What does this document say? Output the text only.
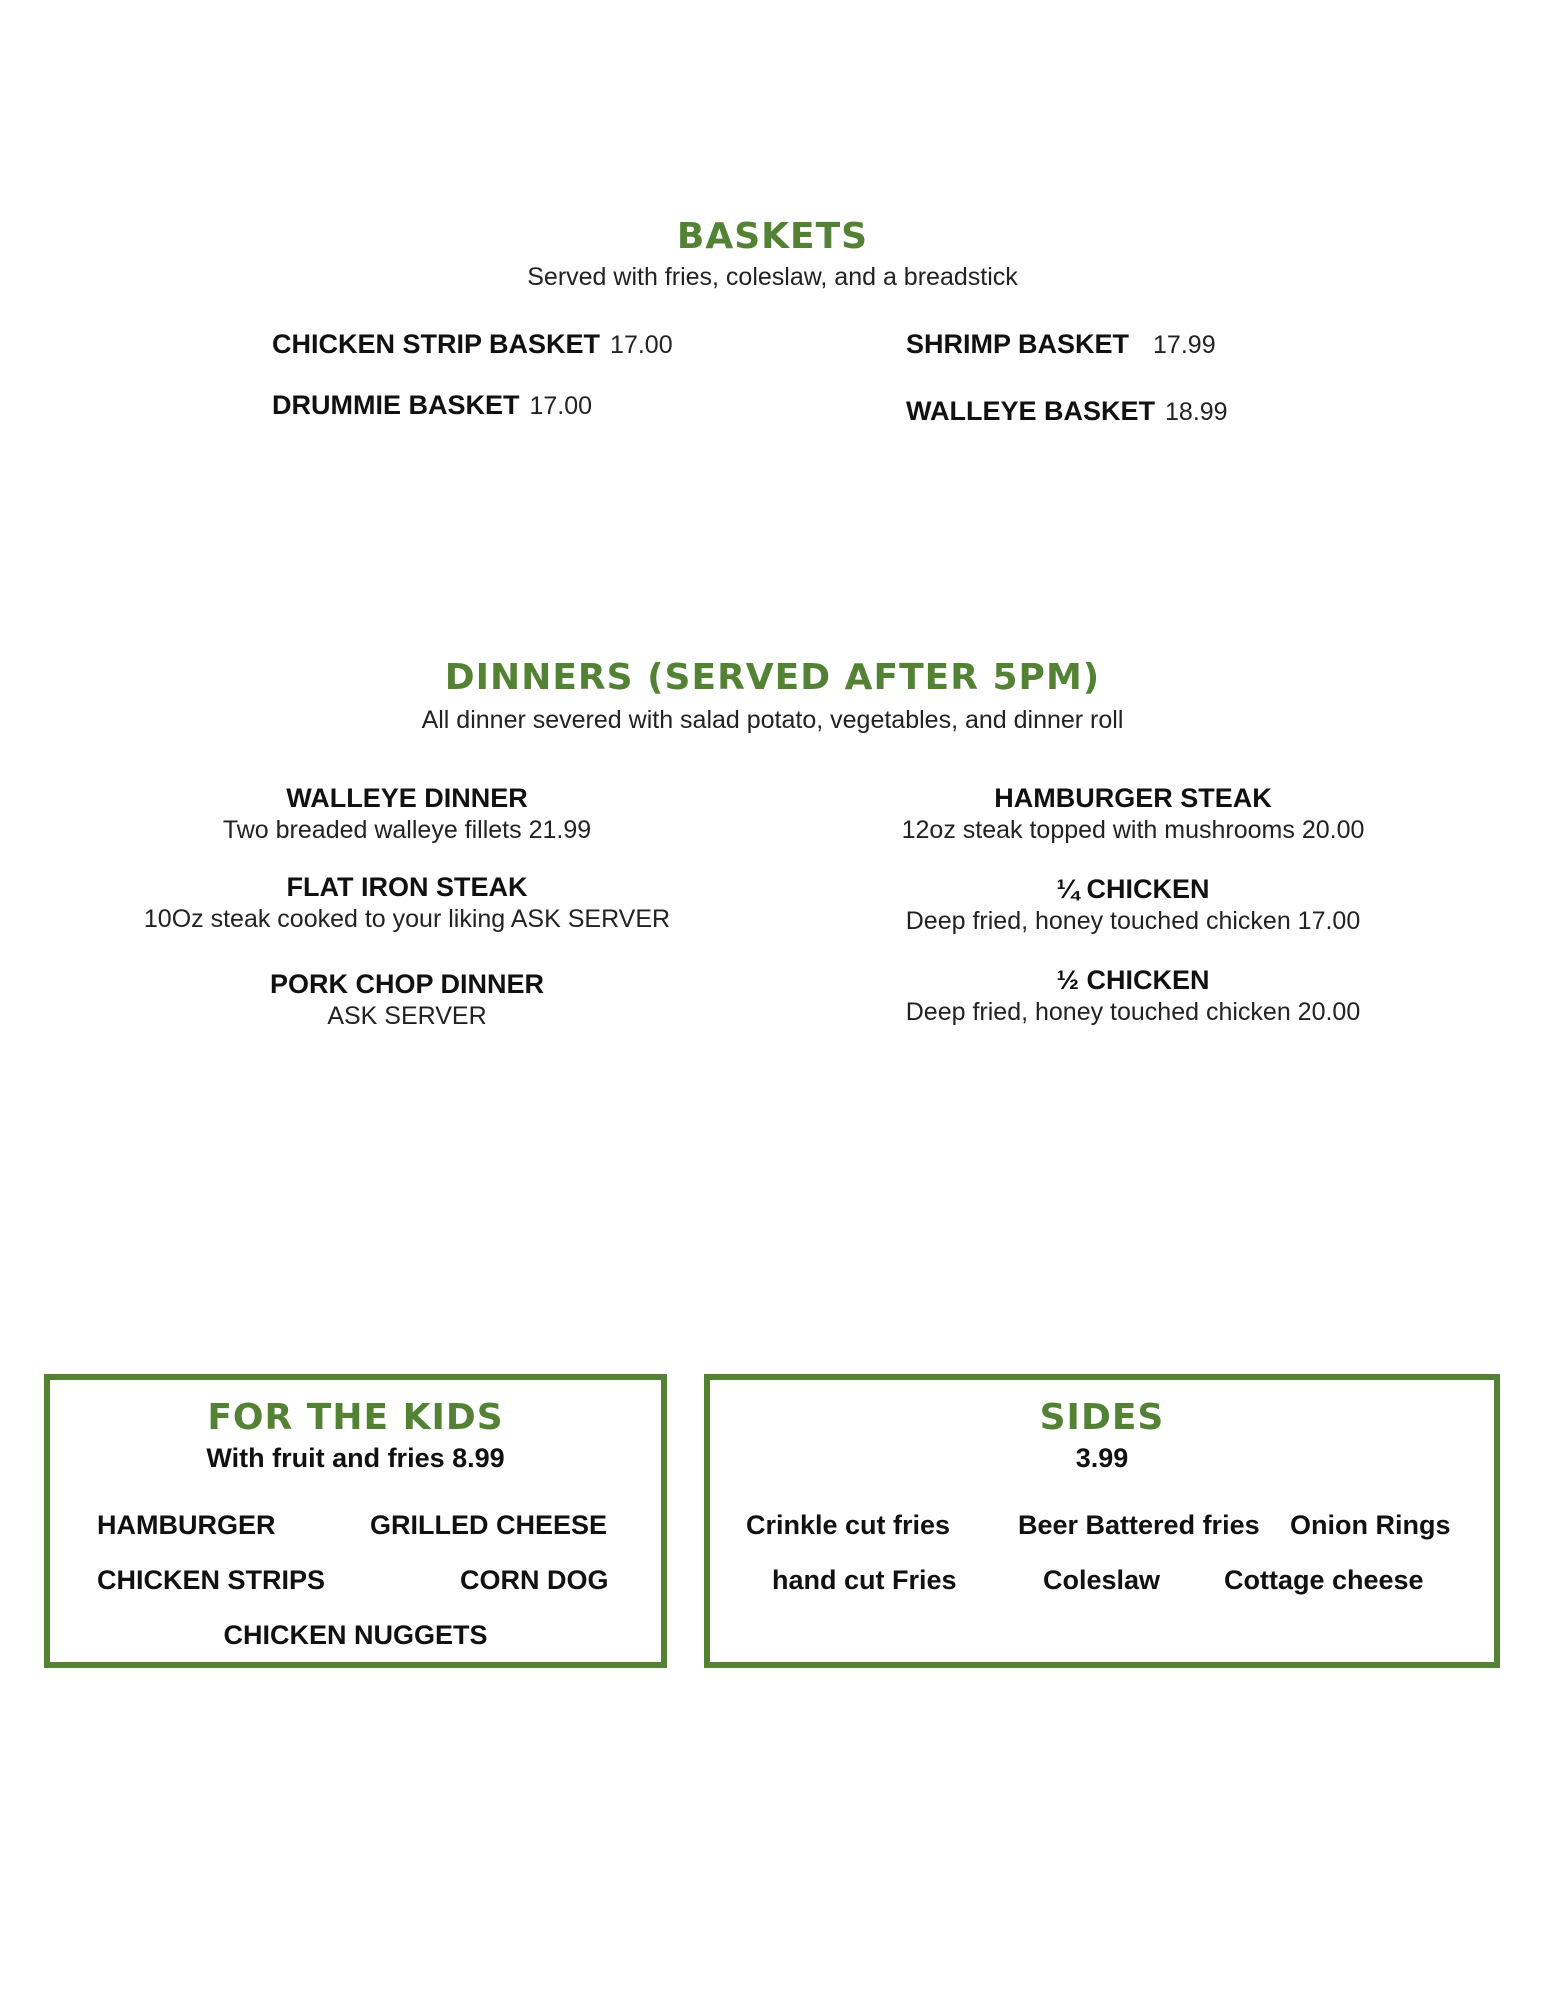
BASKETS
Served with fries, coleslaw, and a breadstick
CHICKEN STRIP BASKET 17.00
DRUMMIE BASKET 17.00
SHRIMP BASKET 17.99
WALLEYE BASKET 18.99
DINNERS (SERVED AFTER 5PM)
All dinner severed with salad potato, vegetables, and dinner roll
WALLEYE DINNER
Two breaded walleye fillets 21.99
FLAT IRON STEAK
10Oz steak cooked to your liking ASK SERVER
PORK CHOP DINNER
ASK SERVER
HAMBURGER STEAK
12oz steak topped with mushrooms 20.00
¼ CHICKEN
Deep fried, honey touched chicken 17.00
½ CHICKEN
Deep fried, honey touched chicken 20.00
FOR THE KIDS
With fruit and fries 8.99
HAMBURGER	GRILLED CHEESE
CHICKEN STRIPS	CORN DOG
CHICKEN NUGGETS
SIDES
3.99
Crinkle cut fries	Beer Battered fries Onion Rings
hand cut Fries	Coleslaw Cottage cheese
